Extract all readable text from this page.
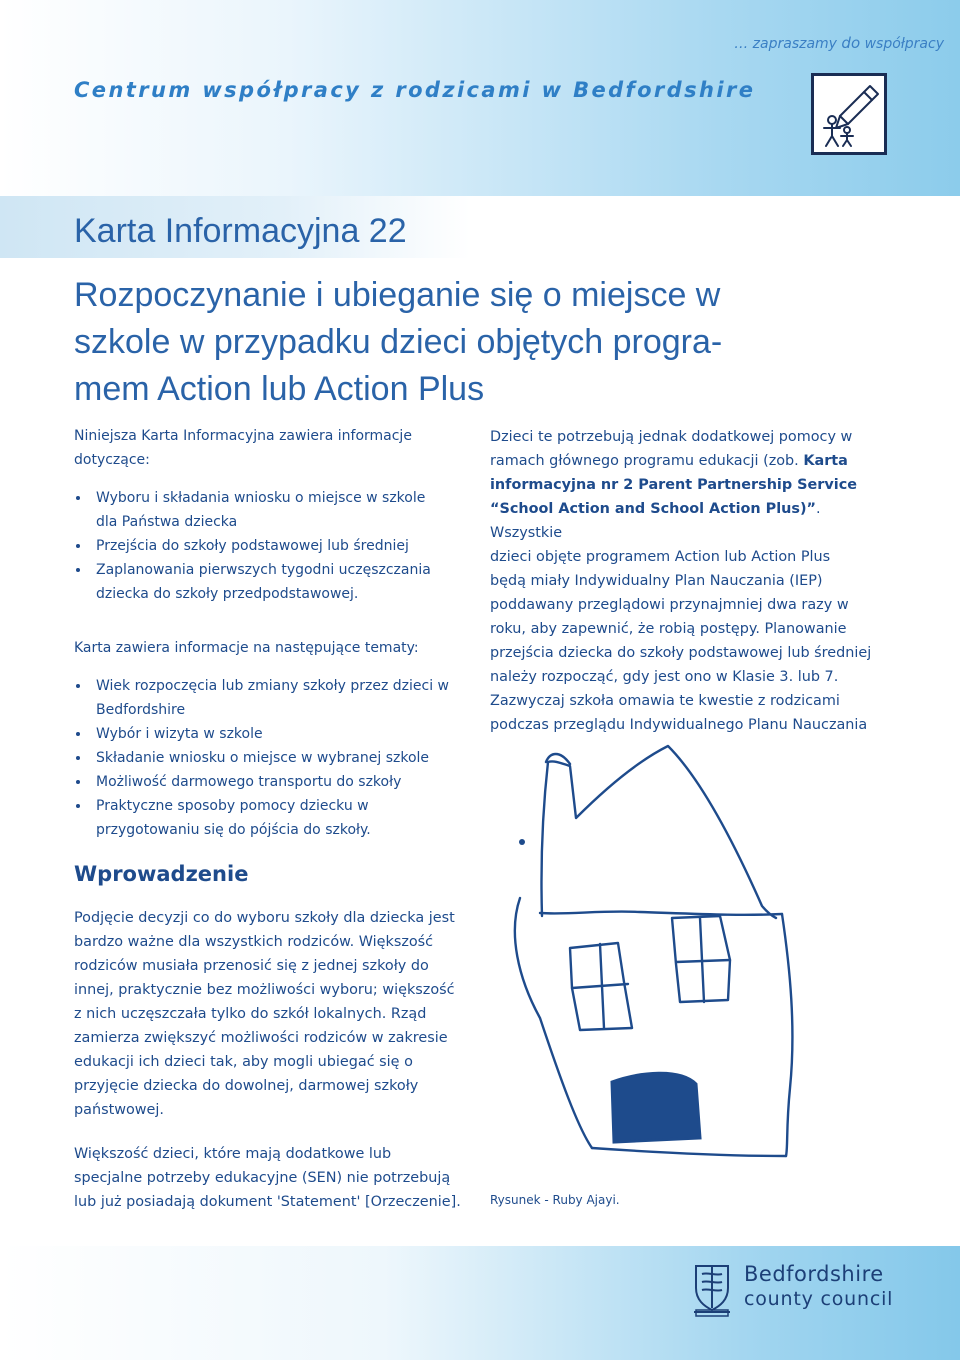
… zapraszamy do współpracy
Centrum współpracy z rodzicami w Bedfordshire
Karta Informacyjna 22
Rozpoczynanie i ubieganie się o miejsce w
szkole w przypadku dzieci objętych progra-
mem Action lub Action Plus

Niniejsza Karta Informacyjna zawiera informacje
dotyczące:

Wyboru i składania wniosku o miejsce w szkole
dla Państwa dziecka
Przejścia do szkoły podstawowej lub średniej
Zaplanowania pierwszych tygodni uczęszczania
dziecka do szkoły przedpodstawowej.

Karta zawiera informacje na następujące tematy:

Wiek rozpoczęcia lub zmiany szkoły przez dzieci w
Bedfordshire
Wybór i wizyta w szkole
Składanie wniosku o miejsce w wybranej szkole
Możliwość darmowego transportu do szkoły
Praktyczne sposoby pomocy dziecku w
przygotowaniu się do pójścia do szkoły.
Wprowadzenie
Podjęcie decyzji co do wyboru szkoły dla dziecka jest
bardzo ważne dla wszystkich rodziców. Większość
rodziców musiała przenosić się z jednej szkoły do
innej, praktycznie bez możliwości wyboru; większość
z nich uczęszczała tylko do szkół lokalnych. Rząd
zamierza zwiększyć możliwości rodziców w zakresie
edukacji ich dzieci tak, aby mogli ubiegać się o
przyjęcie dziecka do dowolnej, darmowej szkoły
państwowej.
Większość dzieci, które mają dodatkowe lub
specjalne potrzeby edukacyjne (SEN) nie potrzebują
lub już posiadają dokument 'Statement' [Orzeczenie].
Dzieci te potrzebują jednak dodatkowej pomocy w
ramach głównego programu edukacji (zob. Karta
informacyjna nr 2 Parent Partnership Service
“School Action and School Action Plus)”. Wszystkie
dzieci objęte programem Action lub Action Plus
będą miały Indywidualny Plan Nauczania (IEP)
poddawany przeglądowi przynajmniej dwa razy w
roku, aby zapewnić, że robią postępy. Planowanie
przejścia dziecka do szkoły podstawowej lub średniej
należy rozpocząć, gdy jest ono w Klasie 3. lub 7.
Zazwyczaj szkoła omawia te kwestie z rodzicami
podczas przeglądu Indywidualnego Planu Nauczania
Rysunek - Ruby Ajayi.
Bedfordshire
county council
